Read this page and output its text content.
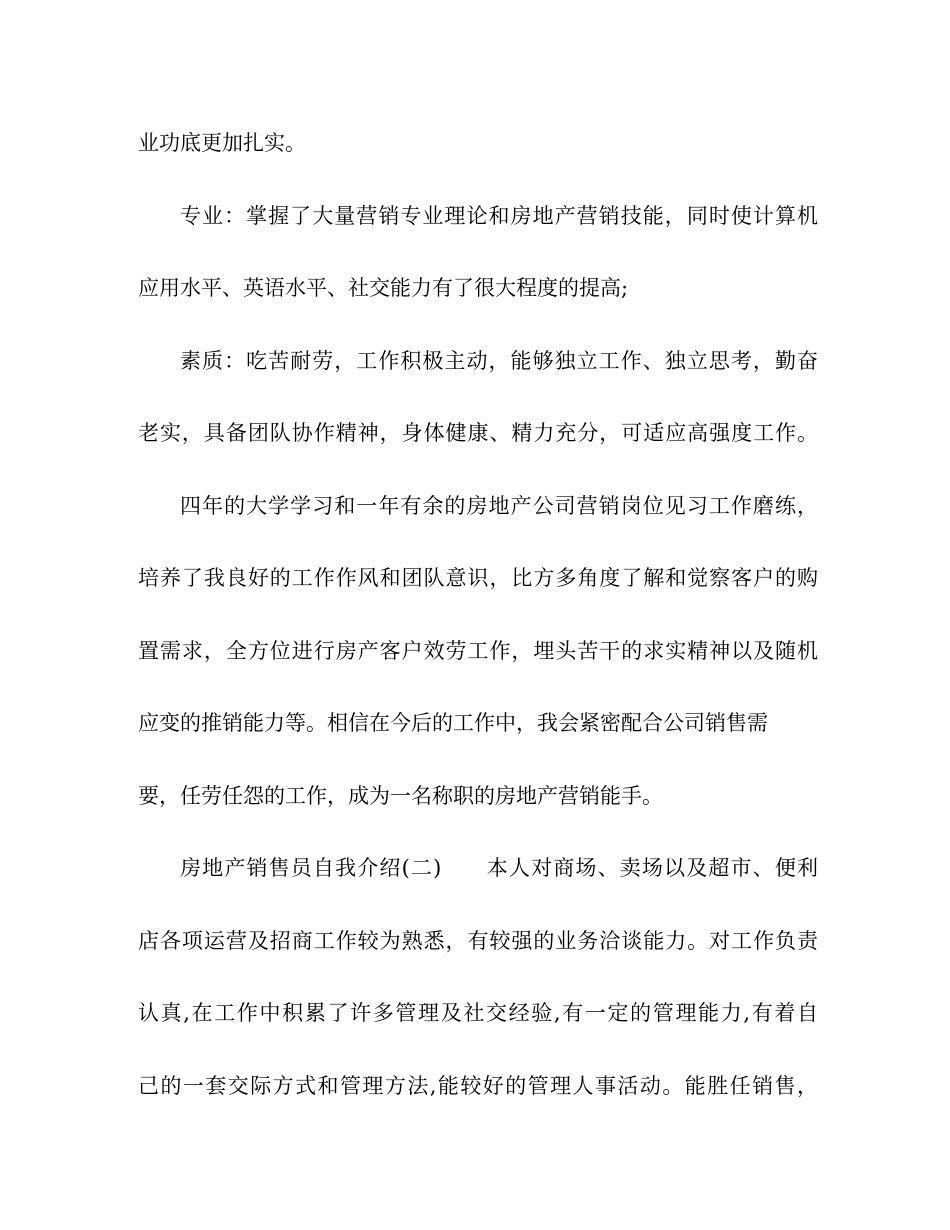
业功底更加扎实。
专业：掌握了大量营销专业理论和房地产营销技能，同时使计算机
应用水平、英语水平、社交能力有了很大程度的提高;
素质：吃苦耐劳，工作积极主动，能够独立工作、独立思考，勤奋
老实，具备团队协作精神，身体健康、精力充分，可适应高强度工作。
四年的大学学习和一年有余的房地产公司营销岗位见习工作磨练，
培养了我良好的工作作风和团队意识，比方多角度了解和觉察客户的购
置需求，全方位进行房产客户效劳工作，埋头苦干的求实精神以及随机
应变的推销能力等。相信在今后的工作中，我会紧密配合公司销售需
要，任劳任怨的工作，成为一名称职的房地产营销能手。
房地产销售员自我介绍(二)　　本人对商场、卖场以及超市、便利
店各项运营及招商工作较为熟悉，有较强的业务洽谈能力。对工作负责
认真,在工作中积累了许多管理及社交经验,有一定的管理能力,有着自
己的一套交际方式和管理方法,能较好的管理人事活动。能胜任销售，
